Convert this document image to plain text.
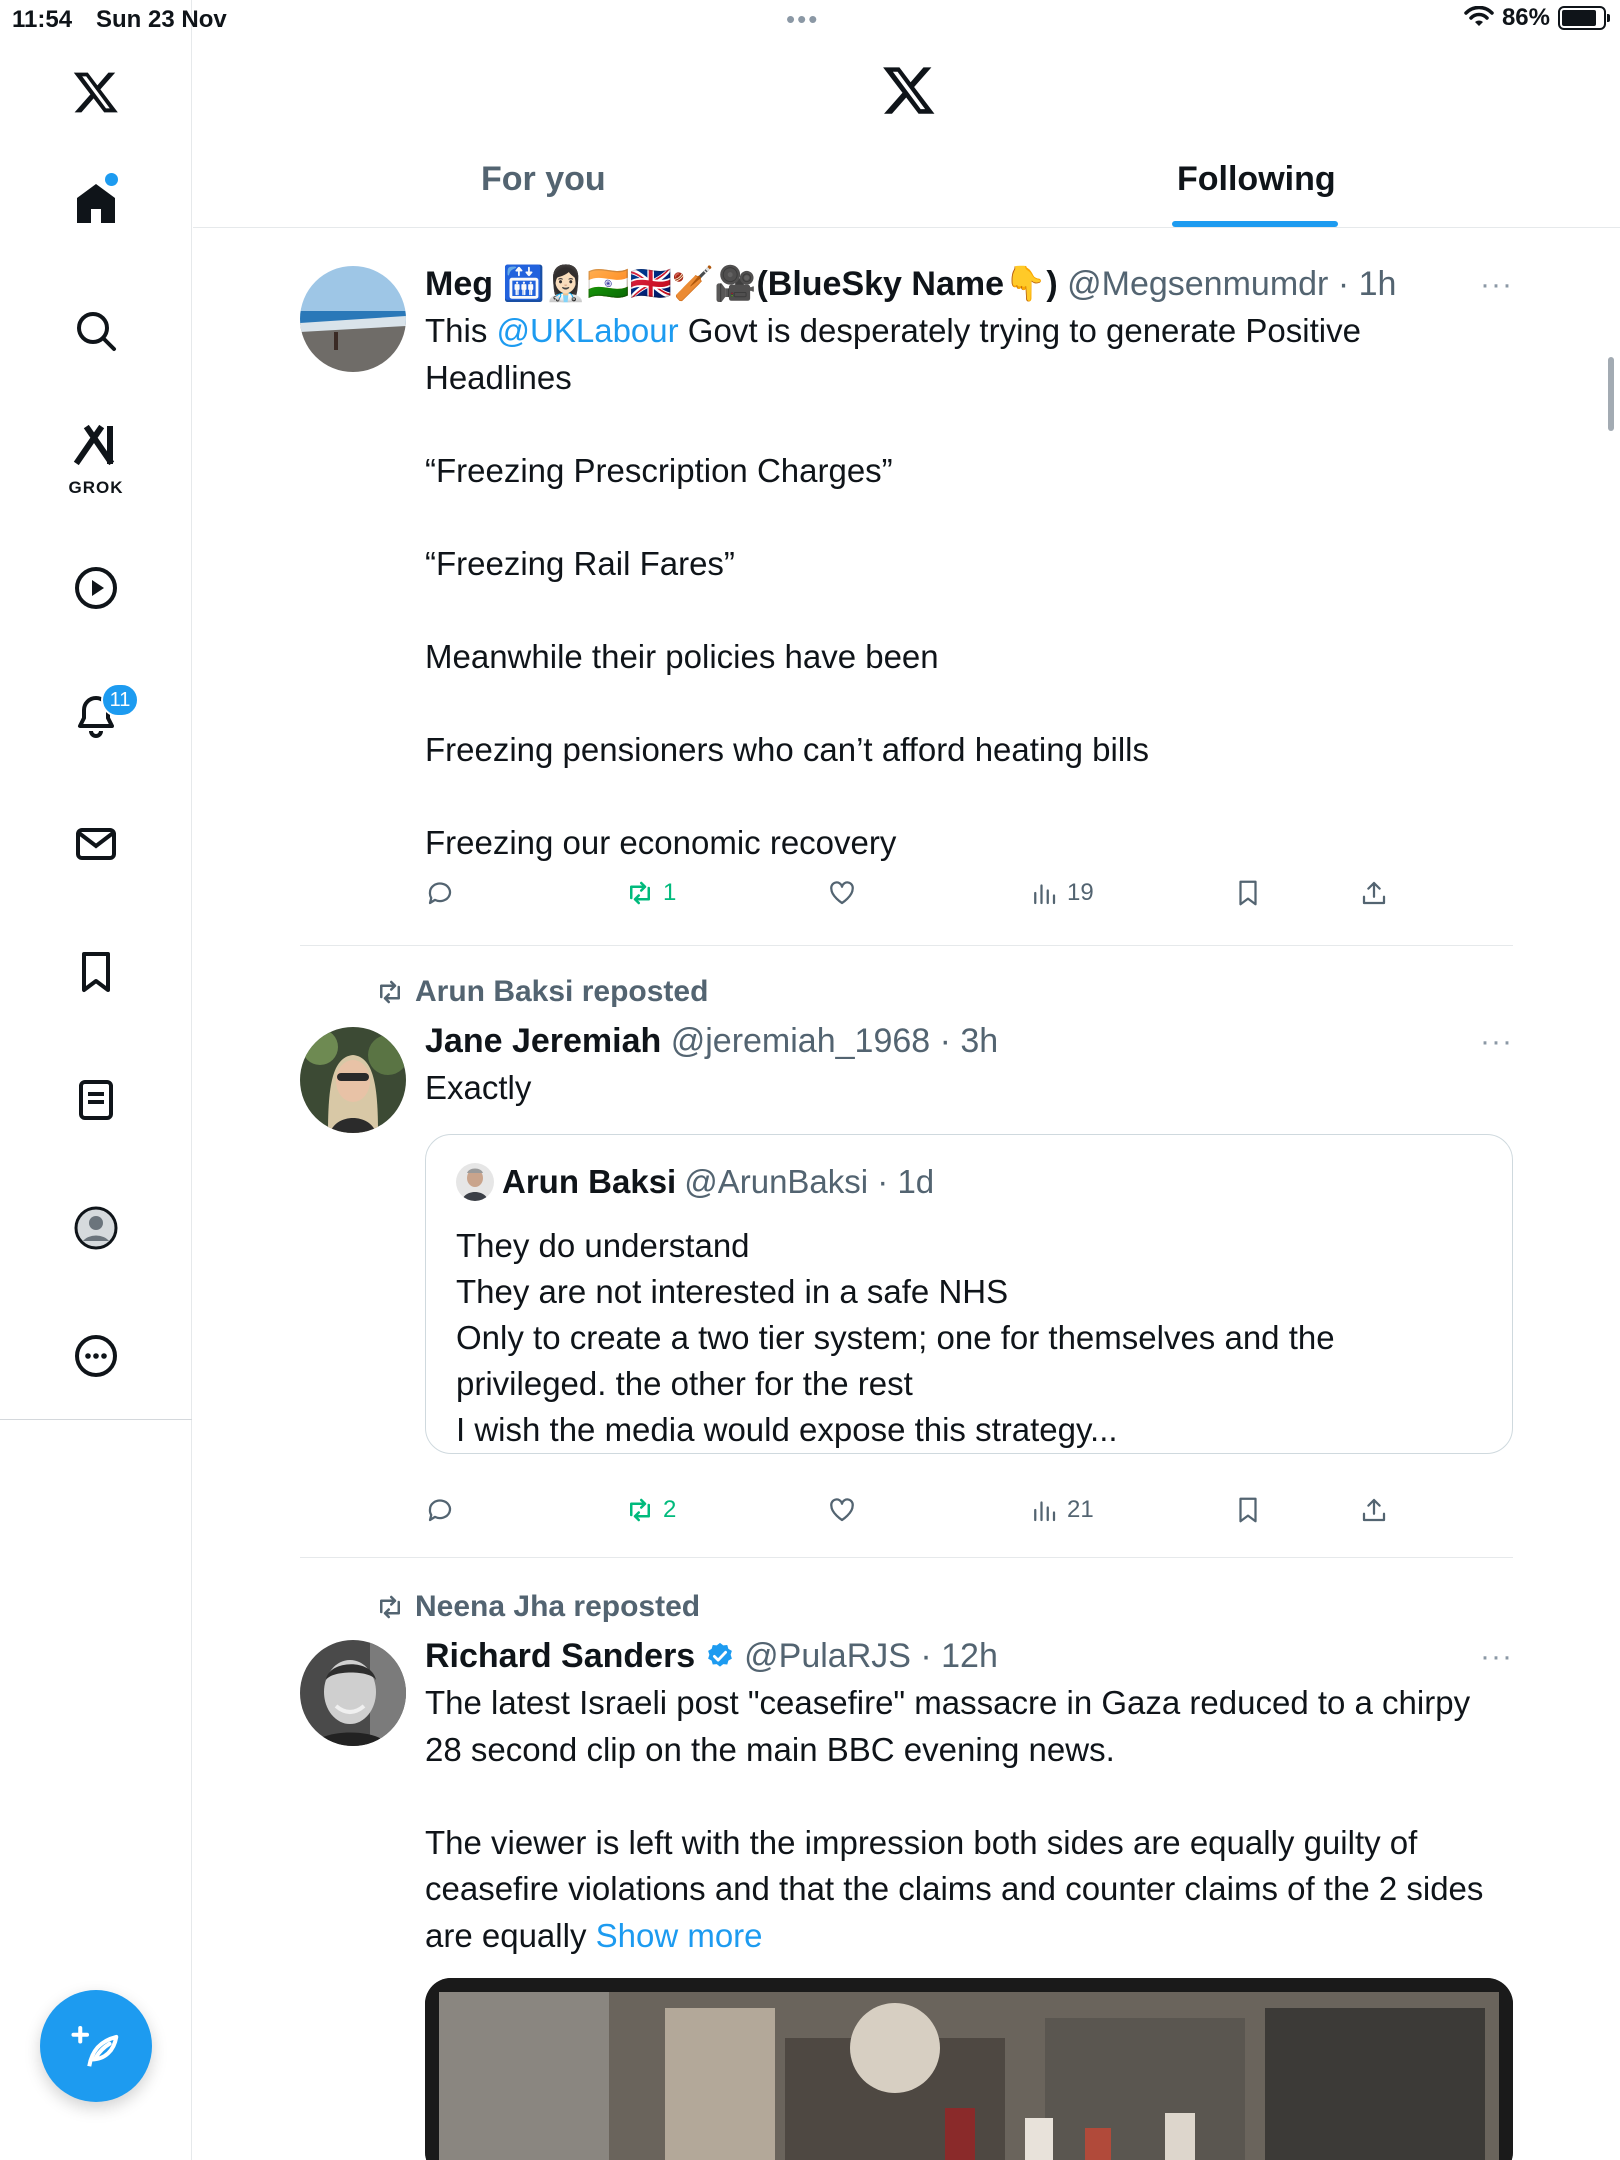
11:54 Sun 23 Nov	•••	86%
GROK
11
For you	Following
Meg 🛗👩🏻‍⚕️🇮🇳🇬🇧🏏🎥(BlueSky Name👇) @Megsenmumdr · 1h	···
This @UKLabour Govt is desperately trying to generate Positive Headlines

“Freezing Prescription Charges”

“Freezing Rail Fares”

Meanwhile their policies have been

Freezing pensioners who can’t afford heating bills

Freezing our economic recovery
1	19
Arun Baksi reposted
Jane Jeremiah @jeremiah_1968 · 3h	···
Exactly
Arun Baksi @ArunBaksi · 1d
They do understand
They are not interested in a safe NHS
Only to create a two tier system; one for themselves and the privileged. the other for the rest
I wish the media would expose this strategy...
2	21
Neena Jha reposted
Richard Sanders @PulaRJS · 12h	···
The latest Israeli post "ceasefire" massacre in Gaza reduced to a chirpy 28 second clip on the main BBC evening news.

The viewer is left with the impression both sides are equally guilty of ceasefire violations and that the claims and counter claims of the 2 sides are equally Show more
